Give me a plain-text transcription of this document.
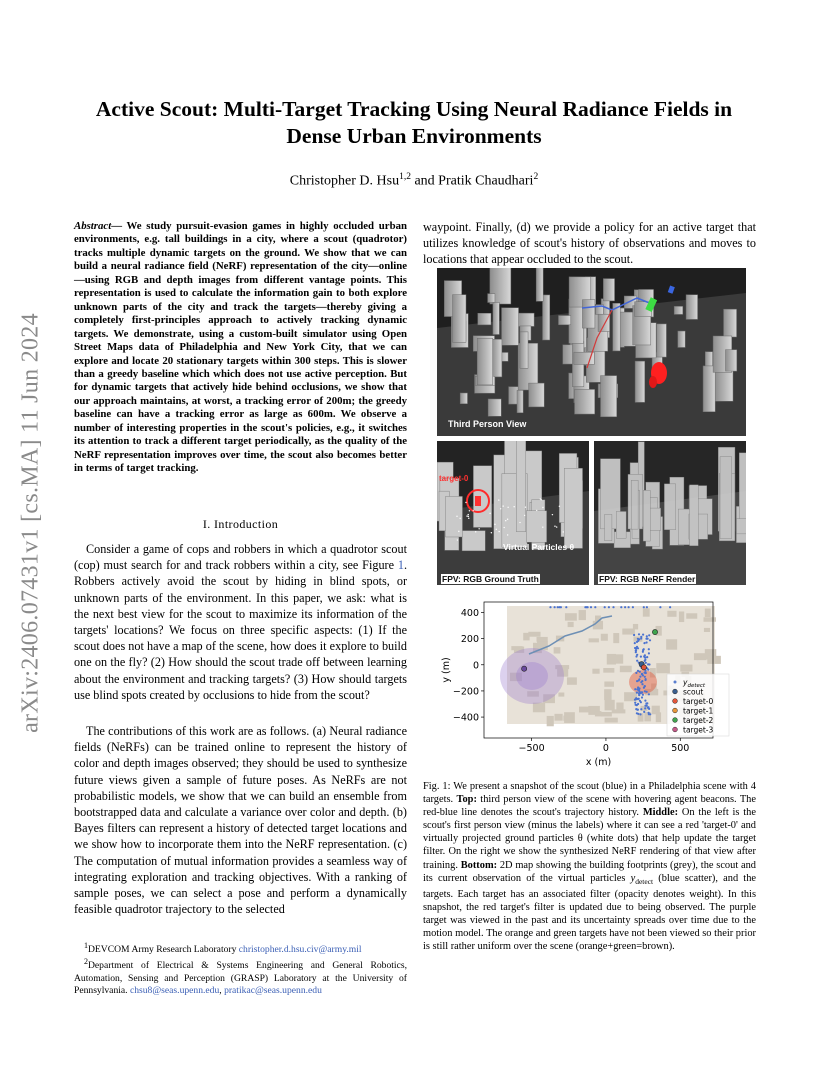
arXiv:2406.07431v1 [cs.MA] 11 Jun 2024
Active Scout: Multi-Target Tracking Using Neural Radiance Fields in
Dense Urban Environments
Christopher D. Hsu$^{1,2}$ and Pratik Chaudhari$^2$
Abstract— We study pursuit-evasion games in highly occluded urban environments, e.g. tall buildings in a city, where a scout (quadrotor) tracks multiple dynamic targets on the ground. We show that we can build a neural radiance field (NeRF) representation of the city—online—using RGB and depth images from different vantage points. This representation is used to calculate the information gain to both explore unknown parts of the city and track the targets—thereby giving a completely first-principles approach to actively tracking dynamic targets. We demonstrate, using a custom-built simulator using Open Street Maps data of Philadelphia and New York City, that we can explore and locate 20 stationary targets within 300 steps. This is slower than a greedy baseline which which does not use active perception. But for dynamic targets that actively hide behind occlusions, we show that our approach maintains, at worst, a tracking error of 200m; the greedy baseline can have a tracking error as large as 600m. We observe a number of interesting properties in the scout's policies, e.g., it switches its attention to track a different target periodically, as the quality of the NeRF representation improves over time, the scout also becomes better in terms of target tracking.
I. Introduction
Consider a game of cops and robbers in which a quadrotor scout (cop) must search for and track robbers within a city, see Figure 1. Robbers actively avoid the scout by hiding in blind spots, or unknown parts of the environment. In this paper, we ask: what is the next best view for the scout to maximize its information of the targets' locations? We focus on three specific aspects: (1) If the scout does not have a map of the scene, how does it explore to build one on the fly? (2) How should the scout trade off between learning about the environment and tracking targets? (3) How should targets use blind spots created by occlusions to hide from the scout?
The contributions of this work are as follows. (a) Neural radiance fields (NeRFs) can be trained online to represent the history of color and depth images observed; they should be used to synthesize future views given a sample of future poses. As NeRFs are not probabilistic models, we show that we can build an ensemble from bootstrapped data and calculate a variance over color and depth. (b) Bayes filters can represent a history of detected target locations and we show how to incorporate them into the NeRF representation. (c) The computation of mutual information provides a seamless way of integrating exploration and tracking objectives. With a ranking of sample poses, we can select a pose and perform a dynamically feasible quadrotor trajectory to the selected
$^1$DEVCOM Army Research Laboratory christopher.d.hsu.civ@army.mil
$^2$Department of Electrical & Systems Engineering and General Robotics, Automation, Sensing and Perception (GRASP) Laboratory at the University of Pennsylvania. chsu8@seas.upenn.edu, pratikac@seas.upenn.edu
waypoint. Finally, (d) we provide a policy for an active target that utilizes knowledge of scout's history of observations and moves to locations that appear occluded to the scout.
Third Person View
target-0
Virtual Particles θ
FPV: RGB Ground Truth	FPV: RGB NeRF Render
−500	0	500
400
200
0
−200
−400
x (m)
y (m)	$y_{detect}$
scout
target-0
target-1
target-2
target-3
Fig. 1: We present a snapshot of the scout (blue) in a Philadelphia scene with 4 targets. Top: third person view of the scene with hovering agent beacons. The red-blue line denotes the scout's trajectory history. Middle: On the left is the scout's first person view (minus the labels) where it can see a red 'target-0' and virtually projected ground particles θ (white dots) that help update the target filter. On the right we show the synthesized NeRF rendering of that view after training. Bottom: 2D map showing the building footprints (grey), the scout and its current observation of the virtual particles $y_{detect}$ (blue scatter), and the targets. Each target has an associated filter (opacity denotes weight). In this snapshot, the red target's filter is updated due to being observed. The purple target was viewed in the past and its uncertainty spreads over time due to the motion model. The orange and green targets have not been viewed so their prior is still rather uniform over the scene (orange+green=brown).
